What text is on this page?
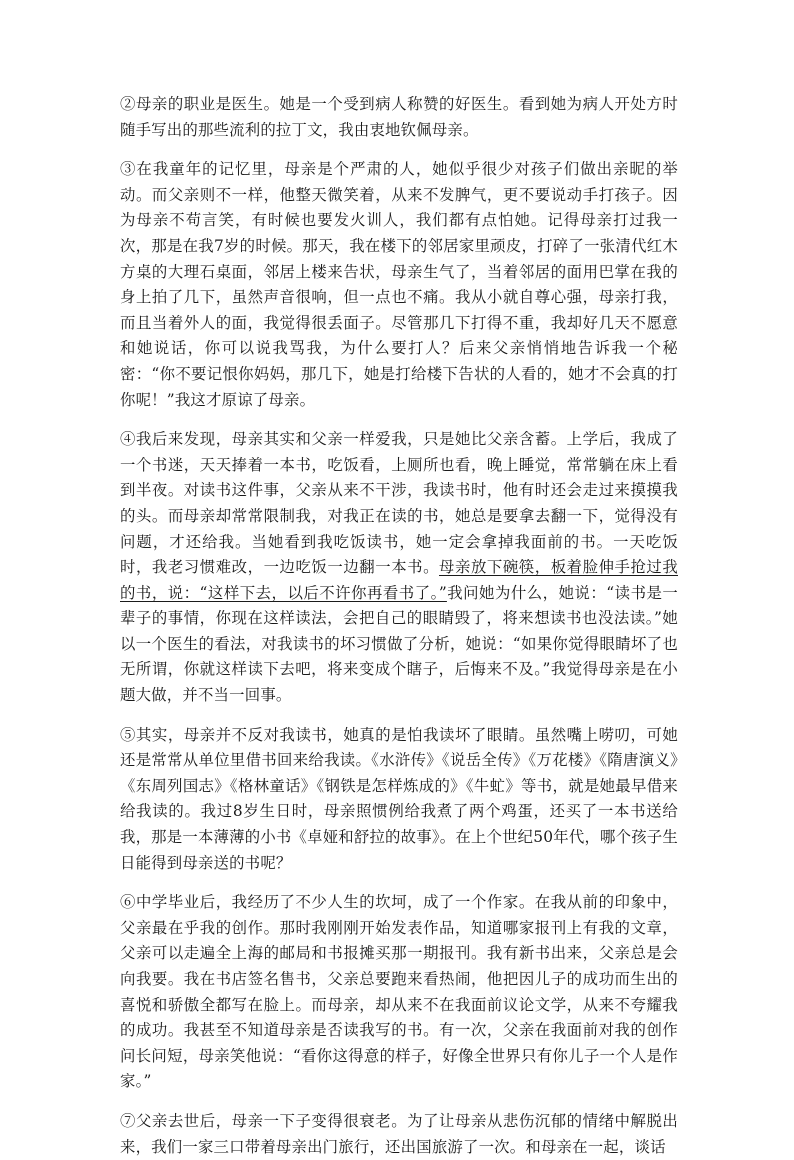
②母亲的职业是医生。她是一个受到病人称赞的好医生。看到她为病人开处方时随手写出的那些流利的拉丁文，我由衷地钦佩母亲。

③在我童年的记忆里，母亲是个严肃的人，她似乎很少对孩子们做出亲昵的举动。而父亲则不一样，他整天微笑着，从来不发脾气，更不要说动手打孩子。因为母亲不苟言笑，有时候也要发火训人，我们都有点怕她。记得母亲打过我一次，那是在我7岁的时候。那天，我在楼下的邻居家里顽皮，打碎了一张清代红木方桌的大理石桌面，邻居上楼来告状，母亲生气了，当着邻居的面用巴掌在我的身上拍了几下，虽然声音很响，但一点也不痛。我从小就自尊心强，母亲打我，而且当着外人的面，我觉得很丢面子。尽管那几下打得不重，我却好几天不愿意和她说话，你可以说我骂我，为什么要打人？后来父亲悄悄地告诉我一个秘密：“你不要记恨你妈妈，那几下，她是打给楼下告状的人看的，她才不会真的打你呢！”我这才原谅了母亲。

④我后来发现，母亲其实和父亲一样爱我，只是她比父亲含蓄。上学后，我成了一个书迷，天天捧着一本书，吃饭看，上厕所也看，晚上睡觉，常常躺在床上看到半夜。对读书这件事，父亲从来不干涉，我读书时，他有时还会走过来摸摸我的头。而母亲却常常限制我，对我正在读的书，她总是要拿去翻一下，觉得没有问题，才还给我。当她看到我吃饭读书，她一定会拿掉我面前的书。一天吃饭时，我老习惯难改，一边吃饭一边翻一本书。母亲放下碗筷，板着脸伸手抢过我的书，说：“这样下去，以后不许你再看书了。”我问她为什么，她说：“读书是一辈子的事情，你现在这样读法，会把自己的眼睛毁了，将来想读书也没法读。”她以一个医生的看法，对我读书的坏习惯做了分析，她说：“如果你觉得眼睛坏了也无所谓，你就这样读下去吧，将来变成个瞎子，后悔来不及。”我觉得母亲是在小题大做，并不当一回事。

⑤其实，母亲并不反对我读书，她真的是怕我读坏了眼睛。虽然嘴上唠叨，可她还是常常从单位里借书回来给我读。《水浒传》《说岳全传》《万花楼》《隋唐演义》《东周列国志》《格林童话》《钢铁是怎样炼成的》《牛虻》等书，就是她最早借来给我读的。我过8岁生日时，母亲照惯例给我煮了两个鸡蛋，还买了一本书送给我，那是一本薄薄的小书《卓娅和舒拉的故事》。在上个世纪50年代，哪个孩子生日能得到母亲送的书呢？

⑥中学毕业后，我经历了不少人生的坎坷，成了一个作家。在我从前的印象中，父亲最在乎我的创作。那时我刚刚开始发表作品，知道哪家报刊上有我的文章，父亲可以走遍全上海的邮局和书报摊买那一期报刊。我有新书出来，父亲总是会向我要。我在书店签名售书，父亲总要跑来看热闹，他把因儿子的成功而生出的喜悦和骄傲全都写在脸上。而母亲，却从来不在我面前议论文学，从来不夸耀我的成功。我甚至不知道母亲是否读我写的书。有一次，父亲在我面前对我的创作问长问短，母亲笑他说：“看你这得意的样子，好像全世界只有你儿子一个人是作家。”

⑦父亲去世后，母亲一下子变得很衰老。为了让母亲从悲伤沉郁的情绪中解脱出来，我们一家三口带着母亲出门旅行，还出国旅游了一次。和母亲在一起，谈话
